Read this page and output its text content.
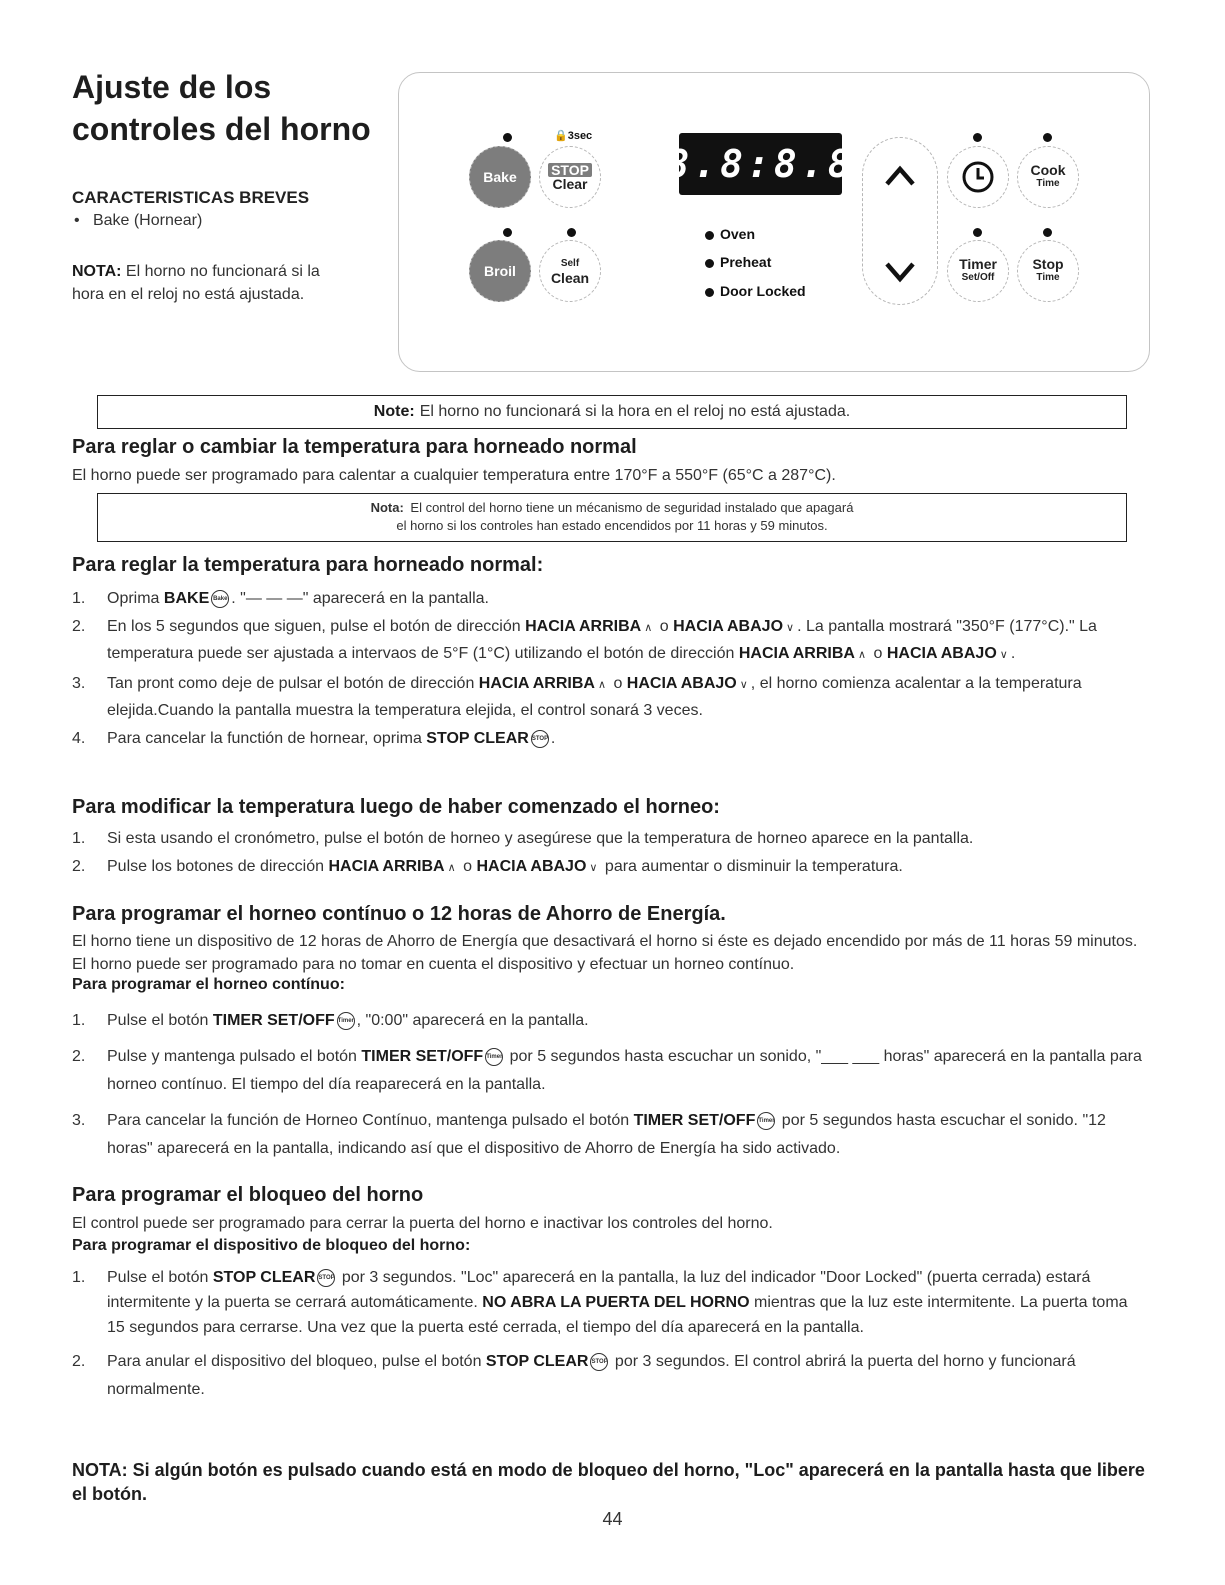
Ajuste de los controles del horno
CARACTERISTICAS BREVES
•   Bake (Hornear)
NOTA: El horno no funcionará si la hora en el reloj no está ajustada.
🔒3sec
Bake STOP
Clear
Broil	Self
Clean
8.8:8.8
Oven
Preheat
Door Locked
Cook
Time
Timer
Set/Off
Stop
Time
Note: El horno no funcionará si la hora en el reloj no está ajustada.
Para reglar o cambiar la temperatura para horneado normal
El horno puede ser programado para calentar a cualquier temperatura entre 170°F a 550°F (65°C a 287°C).
Nota: El control del horno tiene un mécanismo de seguridad instalado que apagará
el horno si los controles han estado encendidos por 11 horas y 59 minutos.
Para reglar la temperatura para horneado normal:
1. Oprima BAKE Bake . "— — —" aparecerá en la pantalla.
2. En los 5 segundos que siguen, pulse el botón de dirección HACIA ARRIBA ∧ o HACIA ABAJO ∨ . La pantalla mostrará "350°F (177°C)." La temperatura puede ser ajustada a intervaos de 5°F (1°C) utilizando el botón de dirección HACIA ARRIBA ∧ o HACIA ABAJO ∨ .
3. Tan pront como deje de pulsar el botón de dirección HACIA ARRIBA ∧ o HACIA ABAJO ∨ , el horno comienza acalentar a la temperatura elejida.Cuando la pantalla muestra la temperatura elejida, el control sonará 3 veces.
4. Para cancelar la functión de hornear, oprima STOP CLEAR STOP .
Para modificar la temperatura luego de haber comenzado el horneo:
1. Si esta usando el cronómetro, pulse el botón de horneo y asegúrese que la temperatura de horneo aparece en la pantalla.
2. Pulse los botones de dirección HACIA ARRIBA ∧ o HACIA ABAJO ∨ para aumentar o disminuir la temperatura.
Para programar el horneo contínuo o 12 horas de Ahorro de Energía.
El horno tiene un dispositivo de 12 horas de Ahorro de Energía que desactivará el horno si éste es dejado encendido por más de 11 horas 59 minutos. El horno puede ser programado para no tomar en cuenta el dispositivo y efectuar un horneo contínuo.
Para programar el horneo contínuo:
1. Pulse el botón TIMER SET/OFF Timer , "0:00" aparecerá en la pantalla.
2. Pulse y mantenga pulsado el botón TIMER SET/OFF Timer por 5 segundos hasta escuchar un sonido, "___ ___ horas" aparecerá en la pantalla para horneo contínuo. El tiempo del día reaparecerá en la pantalla.
3. Para cancelar la función de Horneo Contínuo, mantenga pulsado el botón TIMER SET/OFF Timer por 5 segundos hasta escuchar el sonido. "12 horas" aparecerá en la pantalla, indicando así que el dispositivo de Ahorro de Energía ha sido activado.
Para programar el bloqueo del horno
El control puede ser programado para cerrar la puerta del horno e inactivar los controles del horno.
Para programar el dispositivo de bloqueo del horno:
1. Pulse el botón STOP CLEAR STOP por 3 segundos. "Loc" aparecerá en la pantalla, la luz del indicador "Door Locked" (puerta cerrada) estará intermitente y la puerta se cerrará automáticamente. NO ABRA LA PUERTA DEL HORNO mientras que la luz este intermitente. La puerta toma 15 segundos para cerrarse. Una vez que la puerta esté cerrada, el tiempo del día aparecerá en la pantalla.
2. Para anular el dispositivo del bloqueo, pulse el botón STOP CLEAR STOP por 3 segundos. El control abrirá la puerta del horno y funcionará normalmente.
NOTA: Si algún botón es pulsado cuando está en modo de bloqueo del horno, "Loc" aparecerá en la pantalla hasta que libere el botón.
44
